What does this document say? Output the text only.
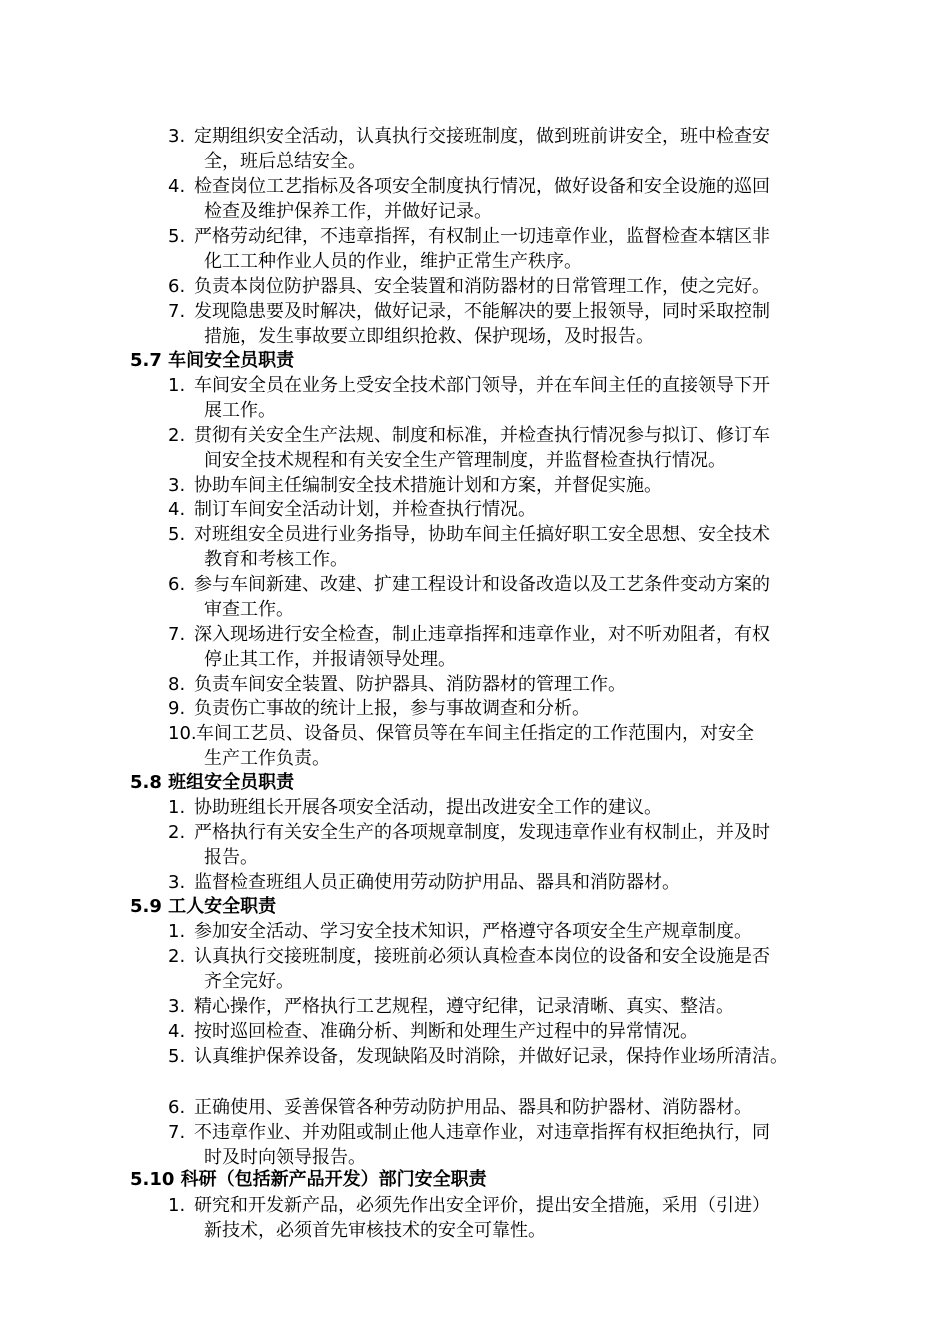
3. 定期组织安全活动，认真执行交接班制度，做到班前讲安全，班中检查安
全，班后总结安全。
4. 检查岗位工艺指标及各项安全制度执行情况，做好设备和安全设施的巡回
检查及维护保养工作，并做好记录。
5. 严格劳动纪律，不违章指挥，有权制止一切违章作业，监督检查本辖区非
化工工种作业人员的作业，维护正常生产秩序。
6. 负责本岗位防护器具、安全装置和消防器材的日常管理工作，使之完好。
7. 发现隐患要及时解决，做好记录，不能解决的要上报领导，同时采取控制
措施，发生事故要立即组织抢救、保护现场，及时报告。
5.7 车间安全员职责
1. 车间安全员在业务上受安全技术部门领导，并在车间主任的直接领导下开
展工作。
2. 贯彻有关安全生产法规、制度和标准，并检查执行情况参与拟订、修订车
间安全技术规程和有关安全生产管理制度，并监督检查执行情况。
3. 协助车间主任编制安全技术措施计划和方案，并督促实施。
4. 制订车间安全活动计划，并检查执行情况。
5. 对班组安全员进行业务指导，协助车间主任搞好职工安全思想、安全技术
教育和考核工作。
6. 参与车间新建、改建、扩建工程设计和设备改造以及工艺条件变动方案的
审查工作。
7. 深入现场进行安全检查，制止违章指挥和违章作业，对不听劝阻者，有权
停止其工作，并报请领导处理。
8. 负责车间安全装置、防护器具、消防器材的管理工作。
9. 负责伤亡事故的统计上报，参与事故调查和分析。
10.车间工艺员、设备员、保管员等在车间主任指定的工作范围内，对安全
生产工作负责。
5.8 班组安全员职责
1. 协助班组长开展各项安全活动，提出改进安全工作的建议。
2. 严格执行有关安全生产的各项规章制度，发现违章作业有权制止，并及时
报告。
3. 监督检查班组人员正确使用劳动防护用品、器具和消防器材。
5.9 工人安全职责
1. 参加安全活动、学习安全技术知识，严格遵守各项安全生产规章制度。
2. 认真执行交接班制度，接班前必须认真检查本岗位的设备和安全设施是否
齐全完好。
3. 精心操作，严格执行工艺规程，遵守纪律，记录清晰、真实、整洁。
4. 按时巡回检查、准确分析、判断和处理生产过程中的异常情况。
5. 认真维护保养设备，发现缺陷及时消除，并做好记录，保持作业场所清洁。
6. 正确使用、妥善保管各种劳动防护用品、器具和防护器材、消防器材。
7. 不违章作业、并劝阻或制止他人违章作业，对违章指挥有权拒绝执行，同
时及时向领导报告。
5.10 科研（包括新产品开发）部门安全职责
1. 研究和开发新产品，必须先作出安全评价，提出安全措施，采用（引进）
新技术，必须首先审核技术的安全可靠性。
